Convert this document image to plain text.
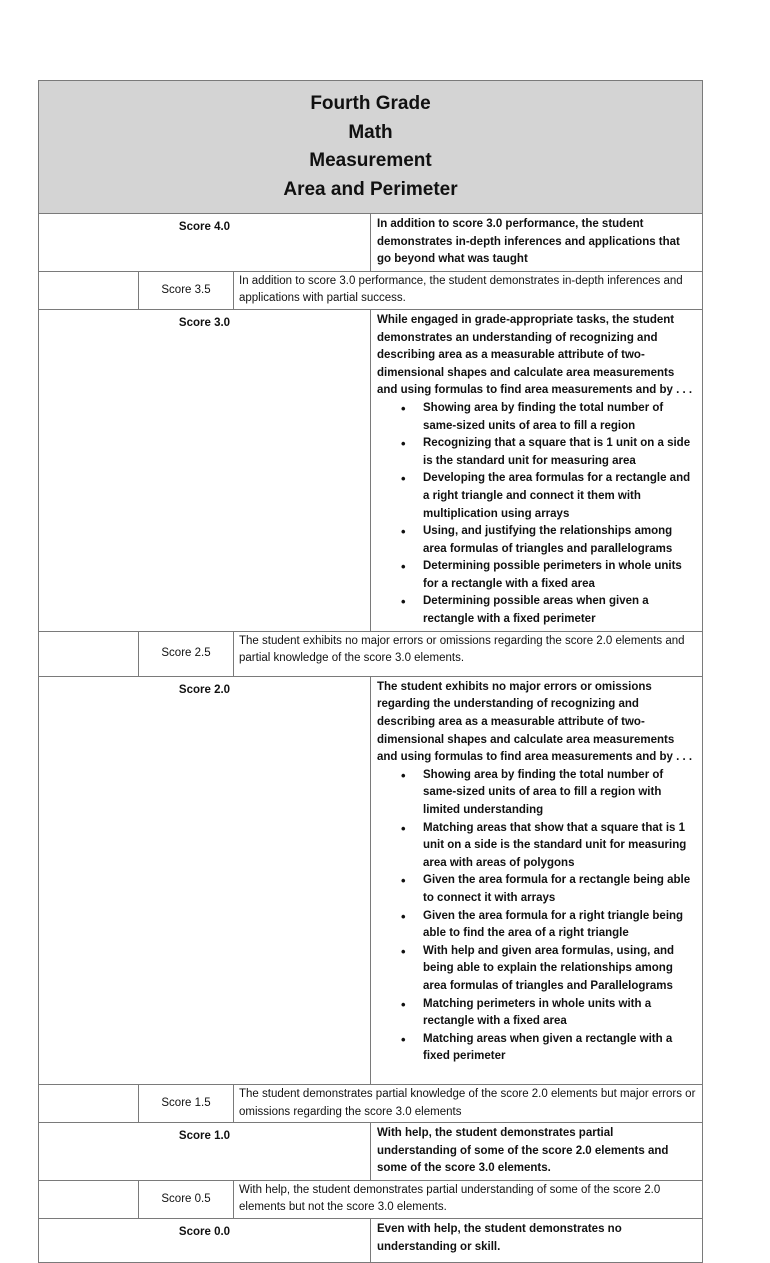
Fourth Grade
Math
Measurement
Area and Perimeter

Score 4.0	In addition to score 3.0 performance, the student demonstrates in-depth inferences and applications that go beyond what was taught

	Score 3.5	In addition to score 3.0 performance, the student demonstrates in-depth inferences and applications with partial success.

Score 3.0	While engaged in grade-appropriate tasks, the student demonstrates an understanding of recognizing and describing area as a measurable attribute of two-dimensional shapes and calculate area measurements and using formulas to find area measurements and by . . .
• Showing area by finding the total number of same-sized units of area to fill a region
• Recognizing that a square that is 1 unit on a side is the standard unit for measuring area
• Developing the area formulas for a rectangle and a right triangle and connect it them with multiplication using arrays
• Using, and justifying the relationships among area formulas of triangles and parallelograms
• Determining possible perimeters in whole units for a rectangle with a fixed area
• Determining possible areas when given a rectangle with a fixed perimeter

	Score 2.5	The student exhibits no major errors or omissions regarding the score 2.0 elements and partial knowledge of the score 3.0 elements.

Score 2.0	The student exhibits no major errors or omissions regarding the understanding of recognizing and describing area as a measurable attribute of two-dimensional shapes and calculate area measurements and using formulas to find area measurements and by . . .
• Showing area by finding the total number of same-sized units of area to fill a region with limited understanding
• Matching areas that show that a square that is 1 unit on a side is the standard unit for measuring area with areas of polygons
• Given the area formula for a rectangle being able to connect it with arrays
• Given the area formula for a right triangle being able to find the area of a right triangle
• With help and given area formulas, using, and being able to explain the relationships among area formulas of triangles and Parallelograms
• Matching perimeters in whole units with a rectangle with a fixed area
• Matching areas when given a rectangle with a fixed perimeter

	Score 1.5	The student demonstrates partial knowledge of the score 2.0 elements but major errors or omissions regarding the score 3.0 elements

Score 1.0	With help, the student demonstrates partial understanding of some of the score 2.0 elements and some of the score 3.0 elements.

	Score 0.5	With help, the student demonstrates partial understanding of some of the score 2.0 elements but not the score 3.0 elements.

Score 0.0	Even with help, the student demonstrates no understanding or skill.
